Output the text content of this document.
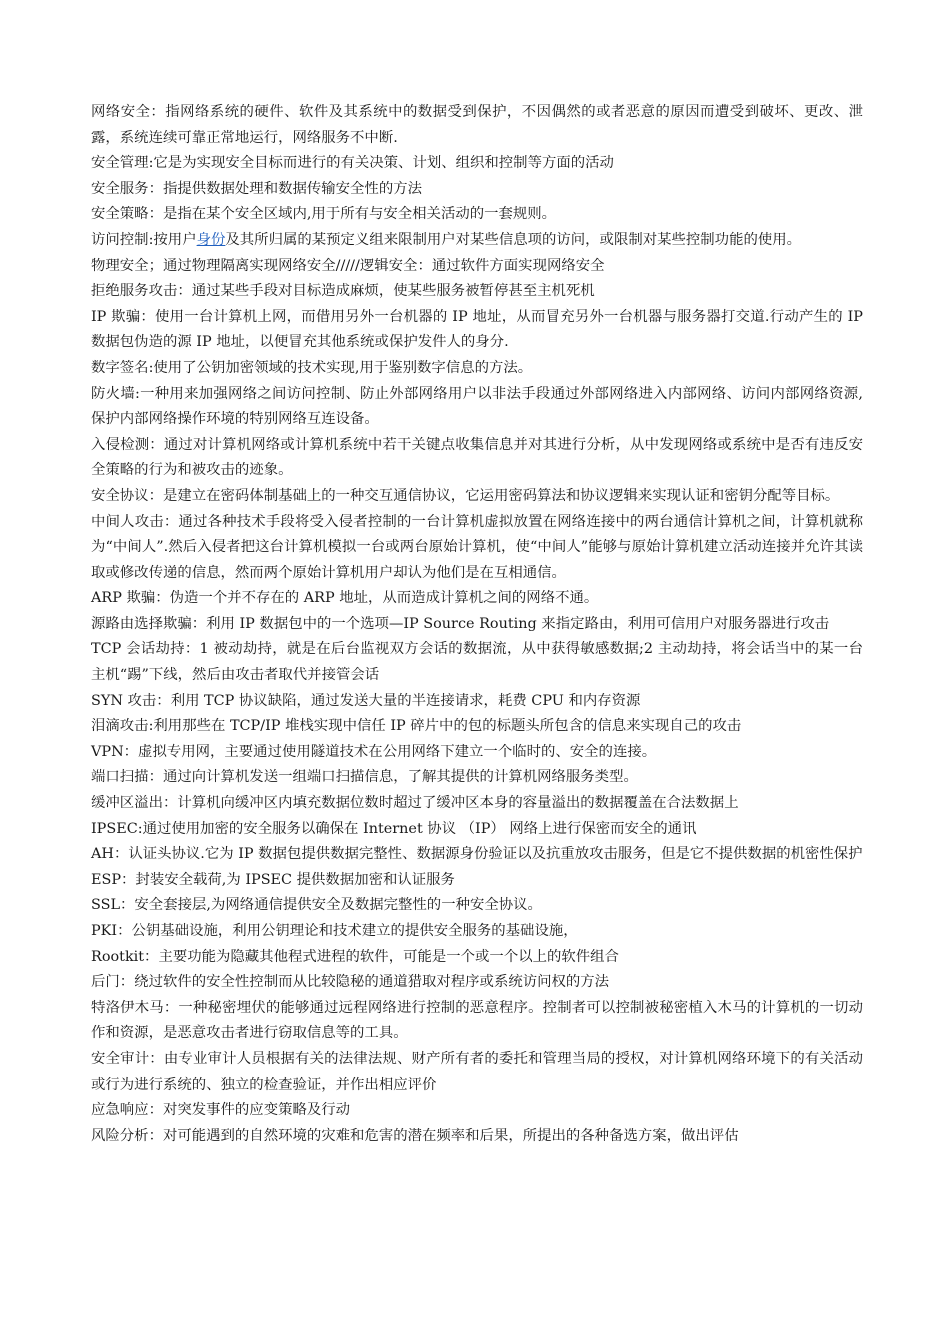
网络安全：指网络系统的硬件、软件及其系统中的数据受到保护，不因偶然的或者恶意的原因而遭受到破坏、更改、泄露，系统连续可靠正常地运行，网络服务不中断.

安全管理:它是为实现安全目标而进行的有关决策、计划、组织和控制等方面的活动

安全服务：指提供数据处理和数据传输安全性的方法

安全策略：是指在某个安全区域内,用于所有与安全相关活动的一套规则。

访问控制:按用户身份及其所归属的某预定义组来限制用户对某些信息项的访问，或限制对某些控制功能的使用。

物理安全；通过物理隔离实现网络安全/////逻辑安全：通过软件方面实现网络安全

拒绝服务攻击：通过某些手段对目标造成麻烦，使某些服务被暂停甚至主机死机

IP 欺骗：使用一台计算机上网，而借用另外一台机器的 IP 地址，从而冒充另外一台机器与服务器打交道.行动产生的 IP 数据包伪造的源 IP 地址，以便冒充其他系统或保护发件人的身分.

数字签名:使用了公钥加密领域的技术实现,用于鉴别数字信息的方法。

防火墙:一种用来加强网络之间访问控制、防止外部网络用户以非法手段通过外部网络进入内部网络、访问内部网络资源,保护内部网络操作环境的特别网络互连设备。

入侵检测：通过对计算机网络或计算机系统中若干关键点收集信息并对其进行分析，从中发现网络或系统中是否有违反安全策略的行为和被攻击的迹象。

安全协议：是建立在密码体制基础上的一种交互通信协议，它运用密码算法和协议逻辑来实现认证和密钥分配等目标。

中间人攻击：通过各种技术手段将受入侵者控制的一台计算机虚拟放置在网络连接中的两台通信计算机之间，计算机就称为“中间人”.然后入侵者把这台计算机模拟一台或两台原始计算机，使“中间人”能够与原始计算机建立活动连接并允许其读取或修改传递的信息，然而两个原始计算机用户却认为他们是在互相通信。

ARP 欺骗：伪造一个并不存在的 ARP 地址，从而造成计算机之间的网络不通。

源路由选择欺骗：利用 IP 数据包中的一个选项—IP Source Routing 来指定路由，利用可信用户对服务器进行攻击

TCP 会话劫持：1 被动劫持，就是在后台监视双方会话的数据流，从中获得敏感数据;2 主动劫持，将会话当中的某一台主机“踢”下线，然后由攻击者取代并接管会话

SYN 攻击：利用 TCP 协议缺陷，通过发送大量的半连接请求，耗费 CPU 和内存资源

泪滴攻击:利用那些在 TCP/IP 堆栈实现中信任 IP 碎片中的包的标题头所包含的信息来实现自己的攻击

VPN：虚拟专用网，主要通过使用隧道技术在公用网络下建立一个临时的、安全的连接。

端口扫描：通过向计算机发送一组端口扫描信息，了解其提供的计算机网络服务类型。

缓冲区溢出：计算机向缓冲区内填充数据位数时超过了缓冲区本身的容量溢出的数据覆盖在合法数据上

IPSEC:通过使用加密的安全服务以确保在 Internet 协议 （IP） 网络上进行保密而安全的通讯

AH：认证头协议.它为 IP 数据包提供数据完整性、数据源身份验证以及抗重放攻击服务，但是它不提供数据的机密性保护

ESP：封装安全载荷,为 IPSEC 提供数据加密和认证服务

SSL：安全套接层,为网络通信提供安全及数据完整性的一种安全协议。

PKI：公钥基础设施，利用公钥理论和技术建立的提供安全服务的基础设施，

Rootkit：主要功能为隐藏其他程式进程的软件，可能是一个或一个以上的软件组合

后门：绕过软件的安全性控制而从比较隐秘的通道猎取对程序或系统访问权的方法

特洛伊木马：一种秘密埋伏的能够通过远程网络进行控制的恶意程序。控制者可以控制被秘密植入木马的计算机的一切动作和资源，是恶意攻击者进行窃取信息等的工具。

安全审计：由专业审计人员根据有关的法律法规、财产所有者的委托和管理当局的授权，对计算机网络环境下的有关活动或行为进行系统的、独立的检查验证，并作出相应评价

应急响应：对突发事件的应变策略及行动

风险分析：对可能遇到的自然环境的灾难和危害的潜在频率和后果，所提出的各种备选方案，做出评估
